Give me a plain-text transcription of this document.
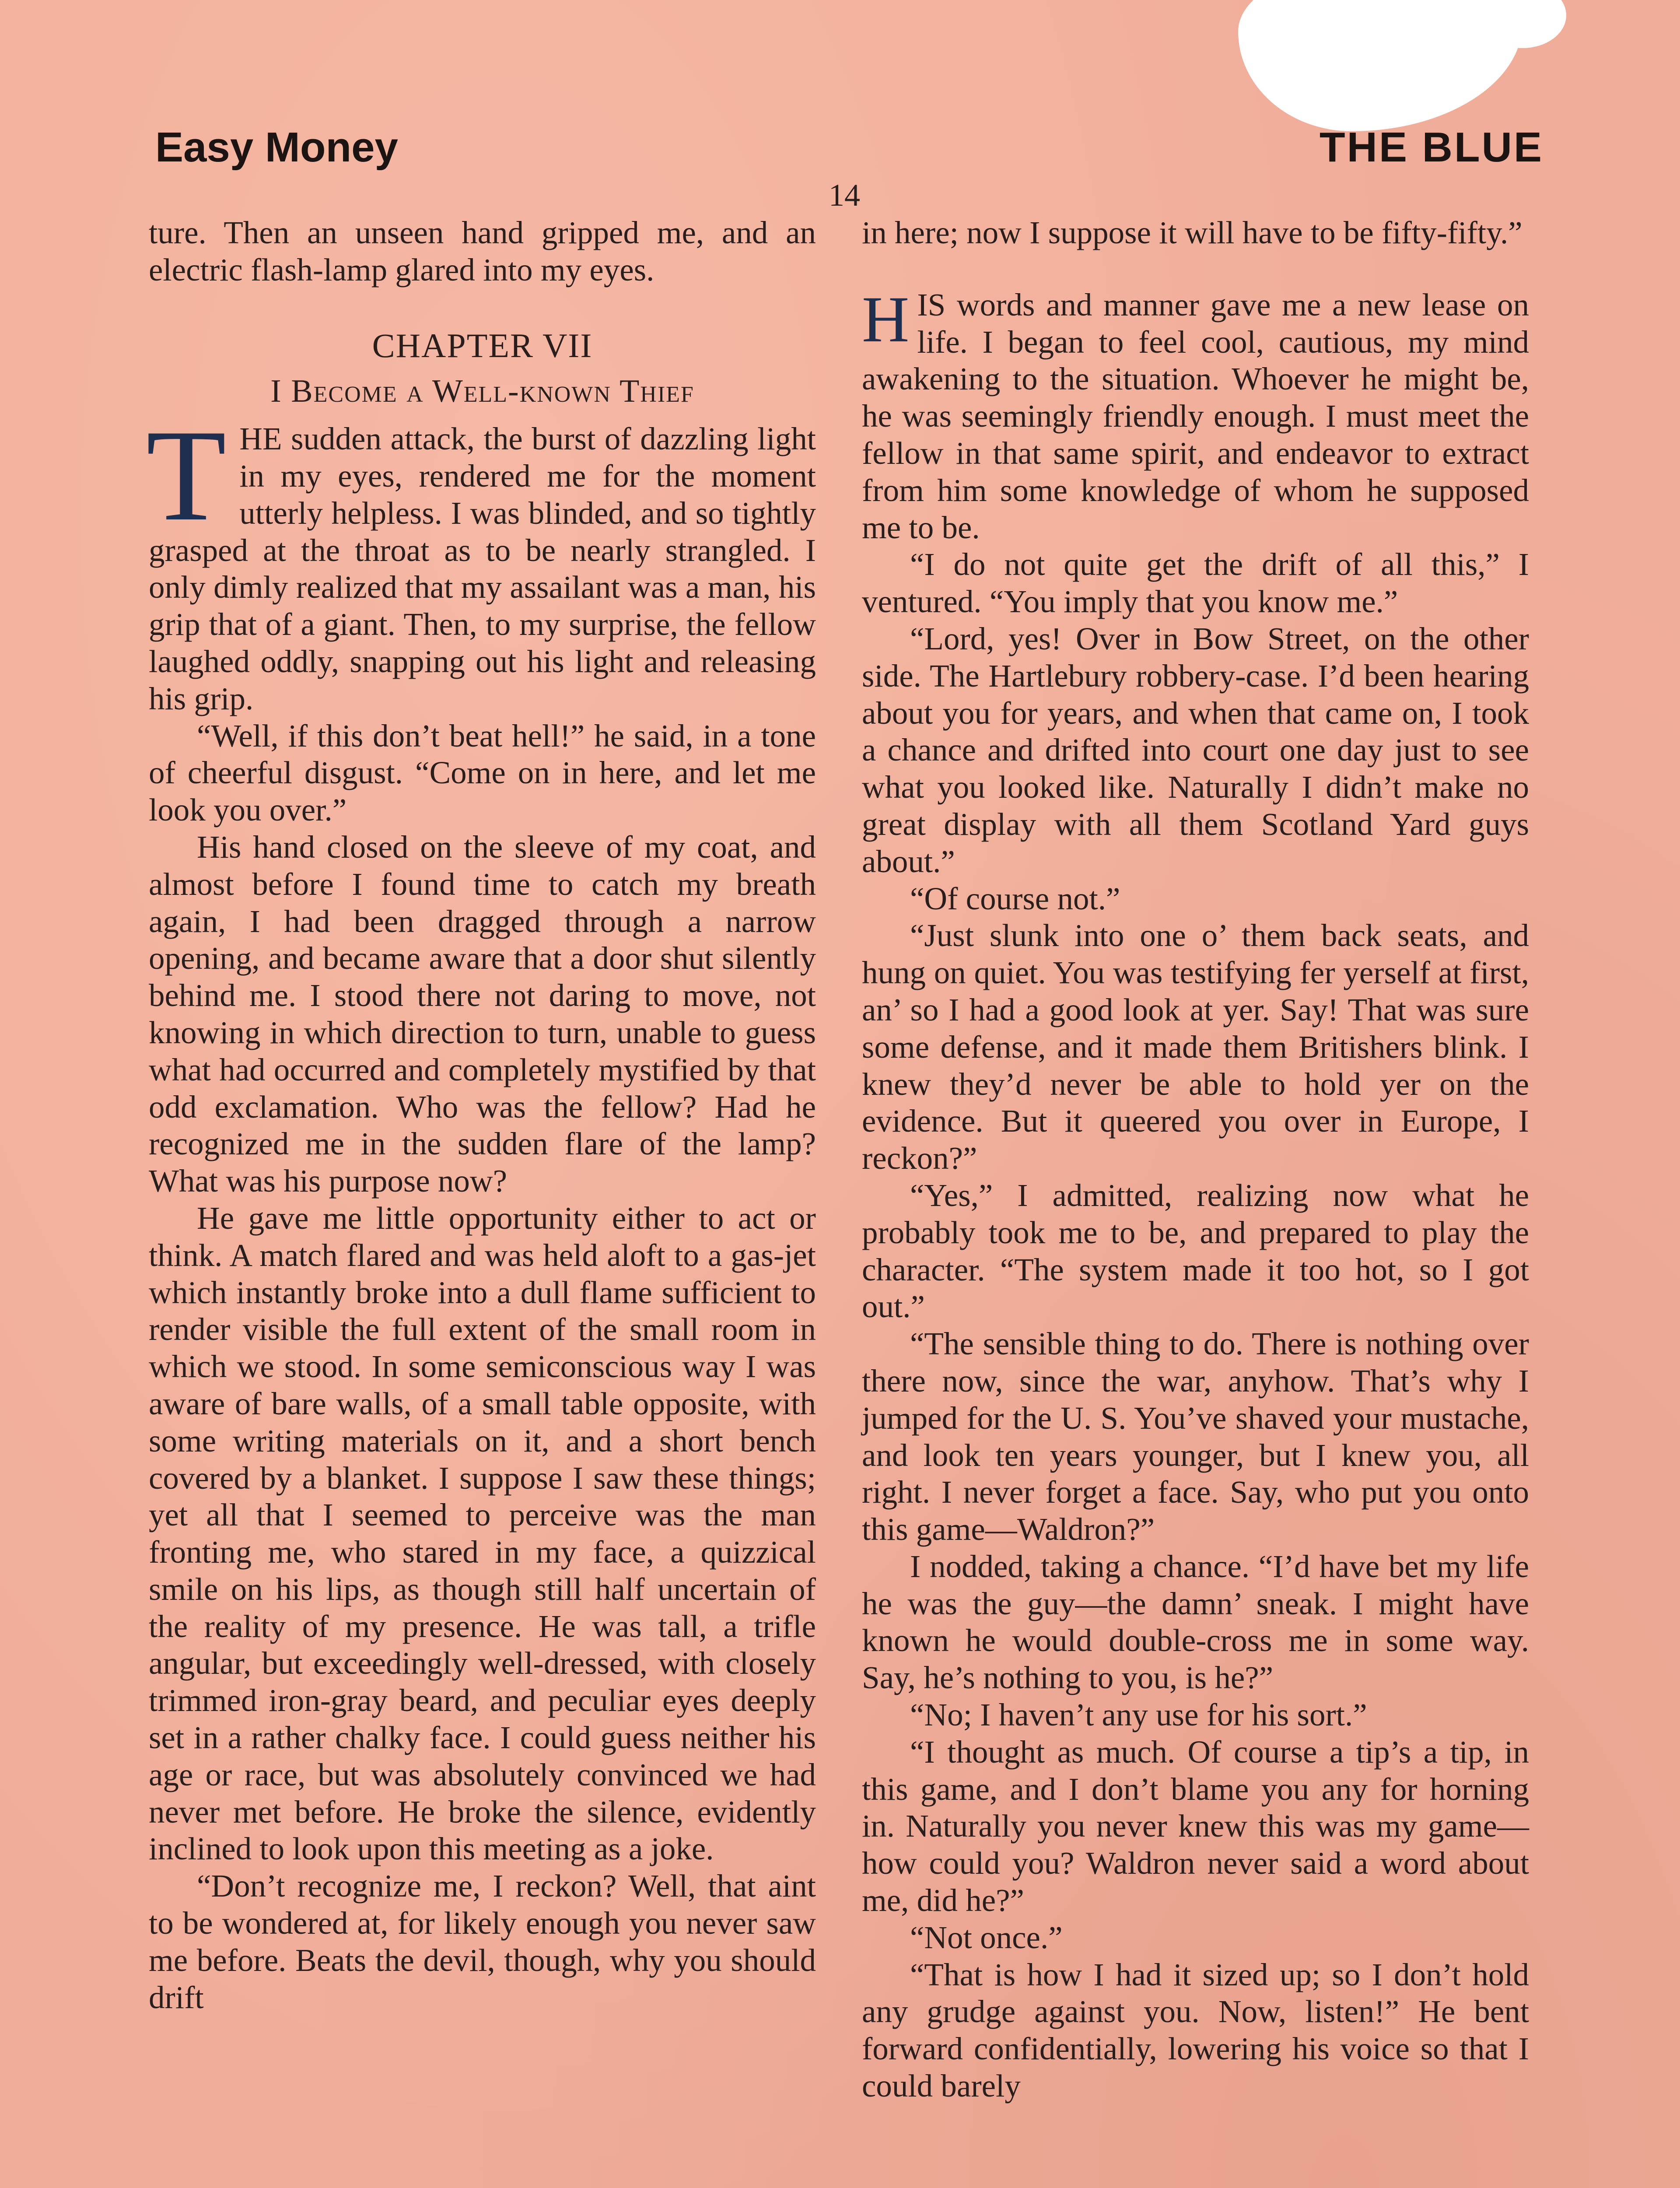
Easy Money	THE BLUE
14

ture. Then an unseen hand gripped me, and an electric flash-lamp glared into my eyes.

CHAPTER VII
I Become a Well-known Thief

THE sudden attack, the burst of dazzling light in my eyes, rendered me for the moment utterly helpless. I was blinded, and so tightly grasped at the throat as to be nearly strangled. I only dimly realized that my assailant was a man, his grip that of a giant. Then, to my surprise, the fellow laughed oddly, snapping out his light and releasing his grip.

“Well, if this don’t beat hell!” he said, in a tone of cheerful disgust. “Come on in here, and let me look you over.”

His hand closed on the sleeve of my coat, and almost before I found time to catch my breath again, I had been dragged through a narrow opening, and became aware that a door shut silently behind me. I stood there not daring to move, not knowing in which direction to turn, unable to guess what had occurred and completely mystified by that odd exclamation. Who was the fellow? Had he recognized me in the sudden flare of the lamp? What was his purpose now?

He gave me little opportunity either to act or think. A match flared and was held aloft to a gas-jet which instantly broke into a dull flame sufficient to render visible the full extent of the small room in which we stood. In some semiconscious way I was aware of bare walls, of a small table opposite, with some writing materials on it, and a short bench covered by a blanket. I suppose I saw these things; yet all that I seemed to perceive was the man fronting me, who stared in my face, a quizzical smile on his lips, as though still half uncertain of the reality of my presence. He was tall, a trifle angular, but exceedingly well-dressed, with closely trimmed iron-gray beard, and peculiar eyes deeply set in a rather chalky face. I could guess neither his age or race, but was absolutely convinced we had never met before. He broke the silence, evidently inclined to look upon this meeting as a joke.

“Don’t recognize me, I reckon? Well, that aint to be wondered at, for likely enough you never saw me before. Beats the devil, though, why you should drift

in here; now I suppose it will have to be fifty-fifty.”

HIS words and manner gave me a new lease on life. I began to feel cool, cautious, my mind awakening to the situation. Whoever he might be, he was seemingly friendly enough. I must meet the fellow in that same spirit, and endeavor to extract from him some knowledge of whom he supposed me to be.

“I do not quite get the drift of all this,” I ventured. “You imply that you know me.”

“Lord, yes! Over in Bow Street, on the other side. The Hartlebury robbery-case. I’d been hearing about you for years, and when that came on, I took a chance and drifted into court one day just to see what you looked like. Naturally I didn’t make no great display with all them Scotland Yard guys about.”

“Of course not.”

“Just slunk into one o’ them back seats, and hung on quiet. You was testifying fer yerself at first, an’ so I had a good look at yer. Say! That was sure some defense, and it made them Britishers blink. I knew they’d never be able to hold yer on the evidence. But it queered you over in Europe, I reckon?”

“Yes,” I admitted, realizing now what he probably took me to be, and prepared to play the character. “The system made it too hot, so I got out.”

“The sensible thing to do. There is nothing over there now, since the war, anyhow. That’s why I jumped for the U. S. You’ve shaved your mustache, and look ten years younger, but I knew you, all right. I never forget a face. Say, who put you onto this game—Waldron?”

I nodded, taking a chance. “I’d have bet my life he was the guy—the damn’ sneak. I might have known he would double-cross me in some way. Say, he’s nothing to you, is he?”

“No; I haven’t any use for his sort.”

“I thought as much. Of course a tip’s a tip, in this game, and I don’t blame you any for horning in. Naturally you never knew this was my game—how could you? Waldron never said a word about me, did he?”

“Not once.”

“That is how I had it sized up; so I don’t hold any grudge against you. Now, listen!” He bent forward confidentially, lowering his voice so that I could barely
